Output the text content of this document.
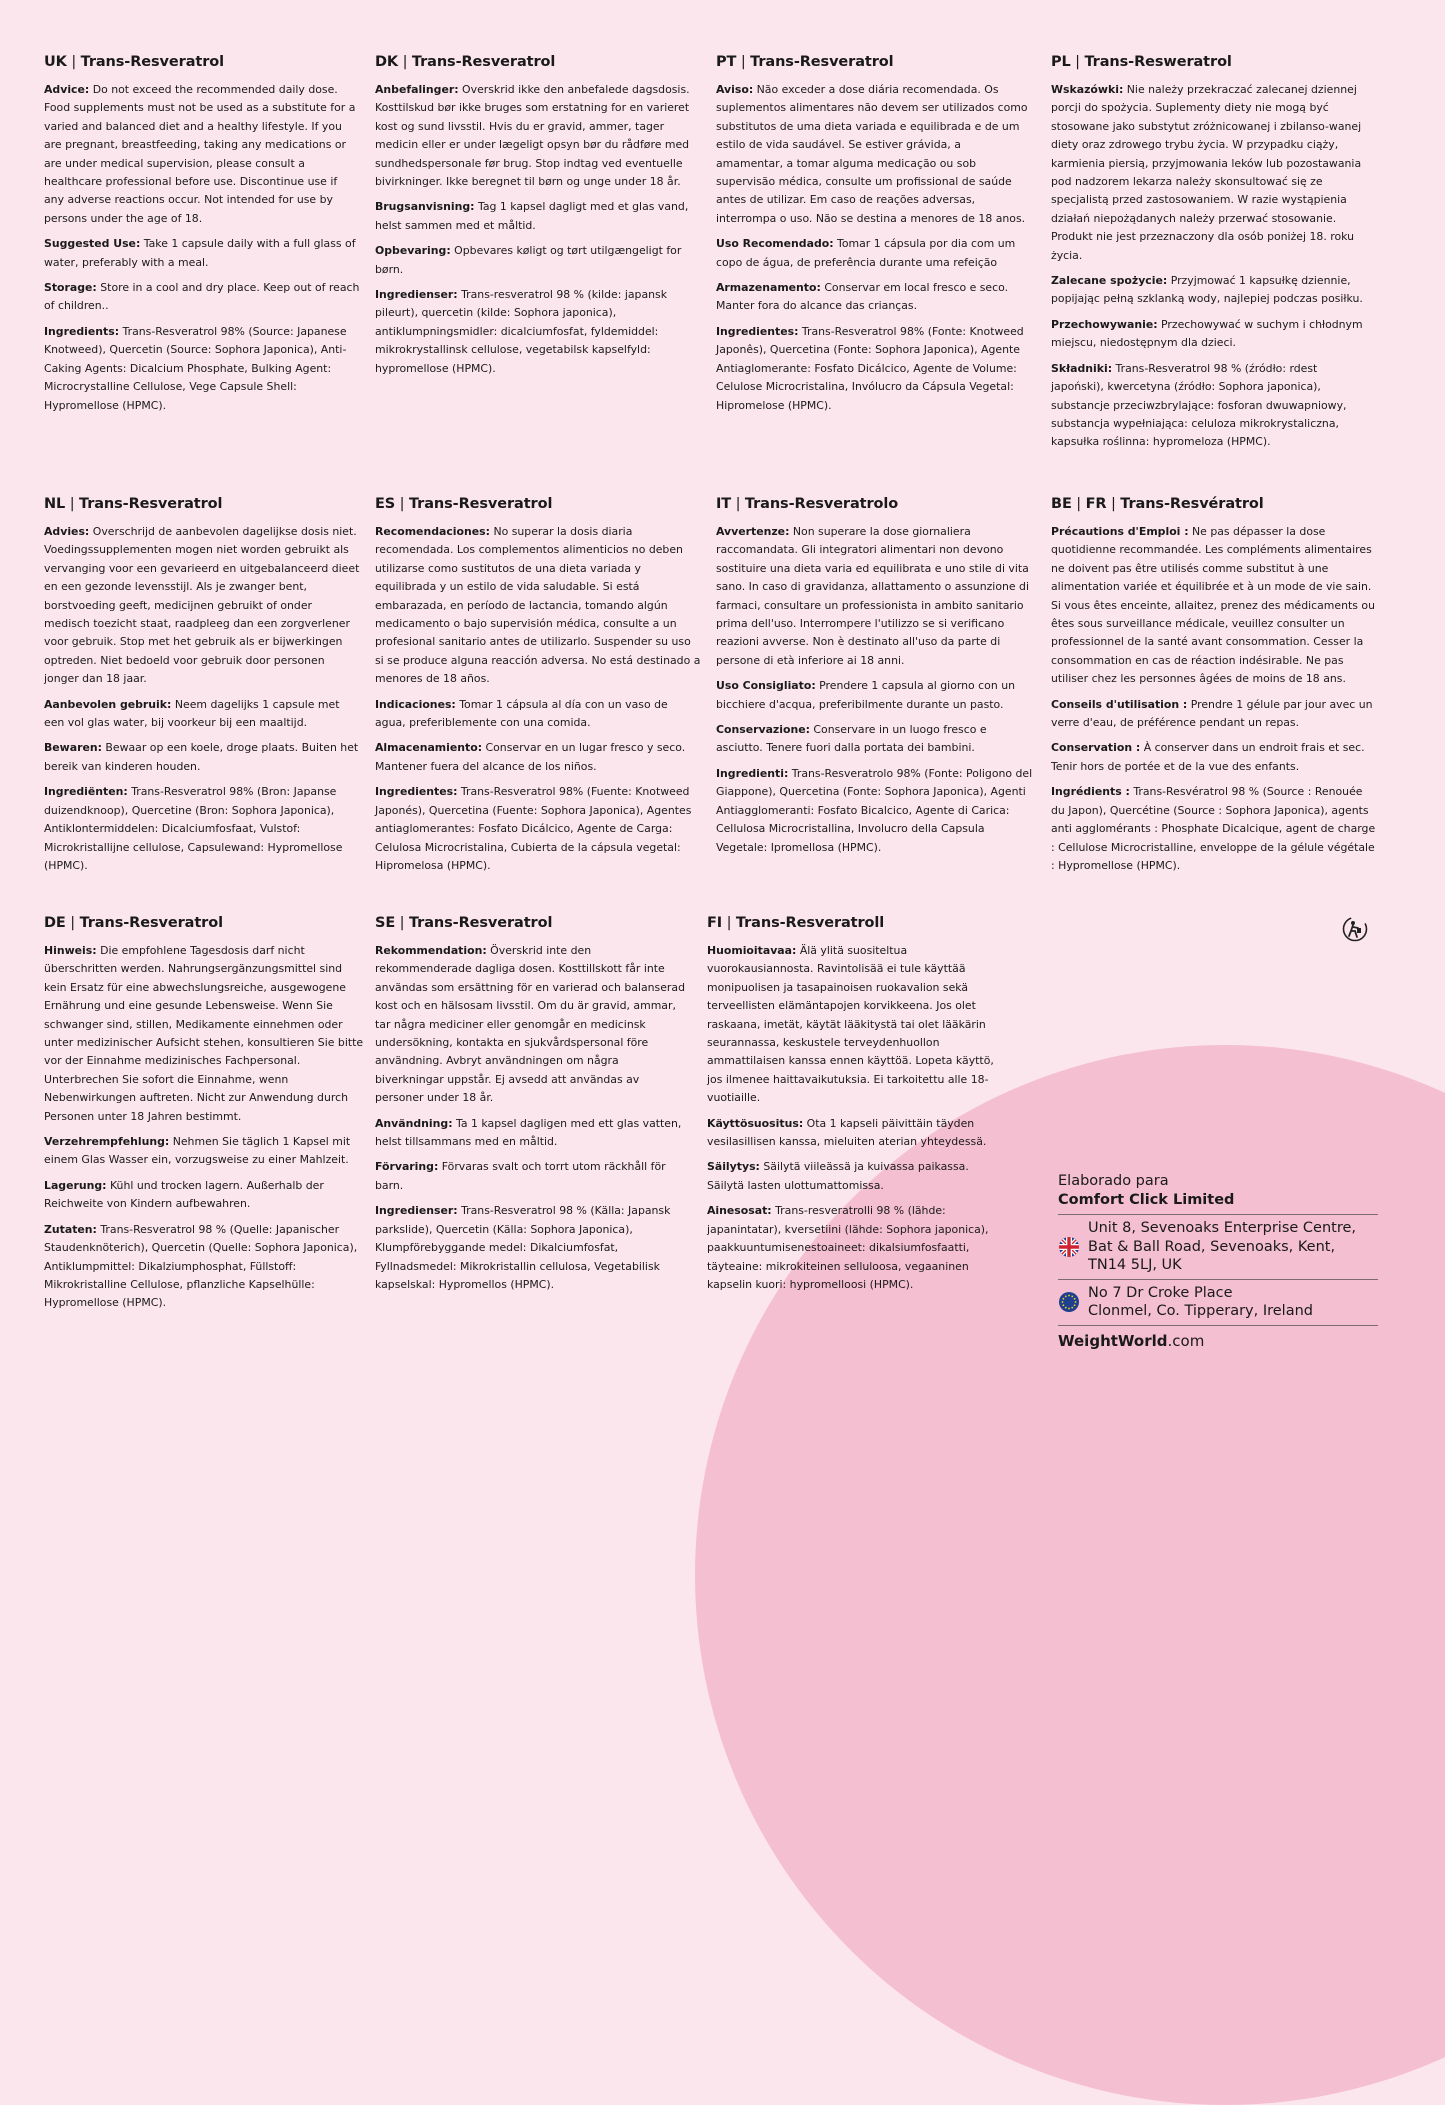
UK | Trans-Resveratrol

Advice: Do not exceed the recommended daily dose. Food supplements must not be used as a substitute for a varied and balanced diet and a healthy lifestyle. If you are pregnant, breastfeeding, taking any medications or are under medical supervision, please consult a healthcare professional before use. Discontinue use if any adverse reactions occur. Not intended for use by persons under the age of 18.

Suggested Use: Take 1 capsule daily with a full glass of water, preferably with a meal.

Storage: Store in a cool and dry place. Keep out of reach of children..

Ingredients: Trans-Resveratrol 98% (Source: Japanese Knotweed), Quercetin (Source: Sophora Japonica), Anti-Caking Agents: Dicalcium Phosphate, Bulking Agent: Microcrystalline Cellulose, Vege Capsule Shell: Hypromellose (HPMC).

DK | Trans-Resveratrol

Anbefalinger: Overskrid ikke den anbefalede dagsdosis. Kosttilskud bør ikke bruges som erstatning for en varieret kost og sund livsstil. Hvis du er gravid, ammer, tager medicin eller er under lægeligt opsyn bør du rådføre med sundhedspersonale før brug. Stop indtag ved eventuelle bivirkninger. Ikke beregnet til børn og unge under 18 år.

Brugsanvisning: Tag 1 kapsel dagligt med et glas vand, helst sammen med et måltid.

Opbevaring: Opbevares køligt og tørt utilgængeligt for børn.

Ingredienser: Trans-resveratrol 98 % (kilde: japansk pileurt), quercetin (kilde: Sophora japonica), antiklumpningsmidler: dicalciumfosfat, fyldemiddel: mikrokrystallinsk cellulose, vegetabilsk kapselfyld: hypromellose (HPMC).

PT | Trans-Resveratrol

Aviso: Não exceder a dose diária recomendada. Os suplementos alimentares não devem ser utilizados como substitutos de uma dieta variada e equilibrada e de um estilo de vida saudável. Se estiver grávida, a amamentar, a tomar alguma medicação ou sob supervisão médica, consulte um profissional de saúde antes de utilizar. Em caso de reações adversas, interrompa o uso. Não se destina a menores de 18 anos.

Uso Recomendado: Tomar 1 cápsula por dia com um copo de água, de preferência durante uma refeição

Armazenamento: Conservar em local fresco e seco. Manter fora do alcance das crianças.

Ingredientes: Trans-Resveratrol 98% (Fonte: Knotweed Japonês), Quercetina (Fonte: Sophora Japonica), Agente Antiaglomerante: Fosfato Dicálcico, Agente de Volume: Celulose Microcristalina, Invólucro da Cápsula Vegetal: Hipromelose (HPMC).

PL | Trans-Resweratrol

Wskazówki: Nie należy przekraczać zalecanej dziennej porcji do spożycia. Suplementy diety nie mogą być stosowane jako substytut zróżnicowanej i zbilanso-wanej diety oraz zdrowego trybu życia. W przypadku ciąży, karmienia piersią, przyjmowania leków lub pozostawania pod nadzorem lekarza należy skonsultować się ze specjalistą przed zastosowaniem. W razie wystąpienia działań niepożądanych należy przerwać stosowanie. Produkt nie jest przeznaczony dla osób poniżej 18. roku życia.

Zalecane spożycie: Przyjmować 1 kapsułkę dziennie, popijając pełną szklanką wody, najlepiej podczas posiłku.

Przechowywanie: Przechowywać w suchym i chłodnym miejscu, niedostępnym dla dzieci.

Składniki: Trans-Resveratrol 98 % (źródło: rdest japoński), kwercetyna (źródło: Sophora japonica), substancje przeciwzbrylające: fosforan dwuwapniowy, substancja wypełniająca: celuloza mikrokrystaliczna, kapsułka roślinna: hypromeloza (HPMC).

NL | Trans-Resveratrol

Advies: Overschrijd de aanbevolen dagelijkse dosis niet. Voedingssupplementen mogen niet worden gebruikt als vervanging voor een gevarieerd en uitgebalanceerd dieet en een gezonde levensstijl. Als je zwanger bent, borstvoeding geeft, medicijnen gebruikt of onder medisch toezicht staat, raadpleeg dan een zorgverlener voor gebruik. Stop met het gebruik als er bijwerkingen optreden. Niet bedoeld voor gebruik door personen jonger dan 18 jaar.

Aanbevolen gebruik: Neem dagelijks 1 capsule met een vol glas water, bij voorkeur bij een maaltijd.

Bewaren: Bewaar op een koele, droge plaats. Buiten het bereik van kinderen houden.

Ingrediënten: Trans-Resveratrol 98% (Bron: Japanse duizendknoop), Quercetine (Bron: Sophora Japonica), Antiklontermiddelen: Dicalciumfosfaat, Vulstof: Microkristallijne cellulose, Capsulewand: Hypromellose (HPMC).

ES | Trans-Resveratrol

Recomendaciones: No superar la dosis diaria recomendada. Los complementos alimenticios no deben utilizarse como sustitutos de una dieta variada y equilibrada y un estilo de vida saludable. Si está embarazada, en período de lactancia, tomando algún medicamento o bajo supervisión médica, consulte a un profesional sanitario antes de utilizarlo. Suspender su uso si se produce alguna reacción adversa. No está destinado a menores de 18 años.

Indicaciones: Tomar 1 cápsula al día con un vaso de agua, preferiblemente con una comida.

Almacenamiento: Conservar en un lugar fresco y seco. Mantener fuera del alcance de los niños.

Ingredientes: Trans-Resveratrol 98% (Fuente: Knotweed Japonés), Quercetina (Fuente: Sophora Japonica), Agentes antiaglomerantes: Fosfato Dicálcico, Agente de Carga: Celulosa Microcristalina, Cubierta de la cápsula vegetal: Hipromelosa (HPMC).

IT | Trans-Resveratrolo

Avvertenze: Non superare la dose giornaliera raccomandata. Gli integratori alimentari non devono sostituire una dieta varia ed equilibrata e uno stile di vita sano. In caso di gravidanza, allattamento o assunzione di farmaci, consultare un professionista in ambito sanitario prima dell'uso. Interrompere l'utilizzo se si verificano reazioni avverse. Non è destinato all'uso da parte di persone di età inferiore ai 18 anni.

Uso Consigliato: Prendere 1 capsula al giorno con un bicchiere d'acqua, preferibilmente durante un pasto.

Conservazione: Conservare in un luogo fresco e asciutto. Tenere fuori dalla portata dei bambini.

Ingredienti: Trans-Resveratrolo 98% (Fonte: Poligono del Giappone), Quercetina (Fonte: Sophora Japonica), Agenti Antiagglomeranti: Fosfato Bicalcico, Agente di Carica: Cellulosa Microcristallina, Involucro della Capsula Vegetale: Ipromellosa (HPMC).

BE | FR | Trans-Resvératrol

Précautions d'Emploi : Ne pas dépasser la dose quotidienne recommandée. Les compléments alimentaires ne doivent pas être utilisés comme substitut à une alimentation variée et équilibrée et à un mode de vie sain. Si vous êtes enceinte, allaitez, prenez des médicaments ou êtes sous surveillance médicale, veuillez consulter un professionnel de la santé avant consommation. Cesser la consommation en cas de réaction indésirable. Ne pas utiliser chez les personnes âgées de moins de 18 ans.

Conseils d'utilisation : Prendre 1 gélule par jour avec un verre d'eau, de préférence pendant un repas.

Conservation : À conserver dans un endroit frais et sec. Tenir hors de portée et de la vue des enfants.

Ingrédients : Trans-Resvératrol 98 % (Source : Renouée du Japon), Quercétine (Source : Sophora Japonica), agents anti agglomérants : Phosphate Dicalcique, agent de charge : Cellulose Microcristalline, enveloppe de la gélule végétale : Hypromellose (HPMC).

DE | Trans-Resveratrol

Hinweis: Die empfohlene Tagesdosis darf nicht überschritten werden. Nahrungsergänzungsmittel sind kein Ersatz für eine abwechslungsreiche, ausgewogene Ernährung und eine gesunde Lebensweise. Wenn Sie schwanger sind, stillen, Medikamente einnehmen oder unter medizinischer Aufsicht stehen, konsultieren Sie bitte vor der Einnahme medizinisches Fachpersonal. Unterbrechen Sie sofort die Einnahme, wenn Nebenwirkungen auftreten. Nicht zur Anwendung durch Personen unter 18 Jahren bestimmt.

Verzehrempfehlung: Nehmen Sie täglich 1 Kapsel mit einem Glas Wasser ein, vorzugsweise zu einer Mahlzeit.

Lagerung: Kühl und trocken lagern. Außerhalb der Reichweite von Kindern aufbewahren.

Zutaten: Trans-Resveratrol 98 % (Quelle: Japanischer Staudenknöterich), Quercetin (Quelle: Sophora Japonica), Antiklumpmittel: Dikalziumphosphat, Füllstoff: Mikrokristalline Cellulose, pflanzliche Kapselhülle: Hypromellose (HPMC).

SE | Trans-Resveratrol

Rekommendation: Överskrid inte den rekommenderade dagliga dosen. Kosttillskott får inte användas som ersättning för en varierad och balanserad kost och en hälsosam livsstil. Om du är gravid, ammar, tar några mediciner eller genomgår en medicinsk undersökning, kontakta en sjukvårdspersonal före användning. Avbryt användningen om några biverkningar uppstår. Ej avsedd att användas av personer under 18 år.

Användning: Ta 1 kapsel dagligen med ett glas vatten, helst tillsammans med en måltid.

Förvaring: Förvaras svalt och torrt utom räckhåll för barn.

Ingredienser: Trans-Resveratrol 98 % (Källa: Japansk parkslide), Quercetin (Källa: Sophora Japonica), Klumpförebyggande medel: Dikalciumfosfat, Fyllnadsmedel: Mikrokristallin cellulosa, Vegetabilisk kapselskal: Hypromellos (HPMC).

FI | Trans-Resveratroll

Huomioitavaa: Älä ylitä suositeltua vuorokausiannosta. Ravintolisää ei tule käyttää monipuolisen ja tasapainoisen ruokavalion sekä terveellisten elämäntapojen korvikkeena. Jos olet raskaana, imetät, käytät lääkitystä tai olet lääkärin seurannassa, keskustele terveydenhuollon ammattilaisen kanssa ennen käyttöä. Lopeta käyttö, jos ilmenee haittavaikutuksia. Ei tarkoitettu alle 18-vuotiaille.

Käyttösuositus: Ota 1 kapseli päivittäin täyden vesilasillisen kanssa, mieluiten aterian yhteydessä.

Säilytys: Säilytä viileässä ja kuivassa paikassa. Säilytä lasten ulottumattomissa.

Ainesosat: Trans-resveratrolli 98 % (lähde: japanintatar), kversetiini (lähde: Sophora japonica), paakkuuntumisenestoaineet: dikalsiumfosfaatti, täyteaine: mikrokiteinen selluloosa, vegaaninen kapselin kuori: hypromelloosi (HPMC).

Elaborado para
Comfort Click Limited
Unit 8, Sevenoaks Enterprise Centre,
Bat & Ball Road, Sevenoaks, Kent,
TN14 5LJ, UK
No 7 Dr Croke Place
Clonmel, Co. Tipperary, Ireland
WeightWorld.com
